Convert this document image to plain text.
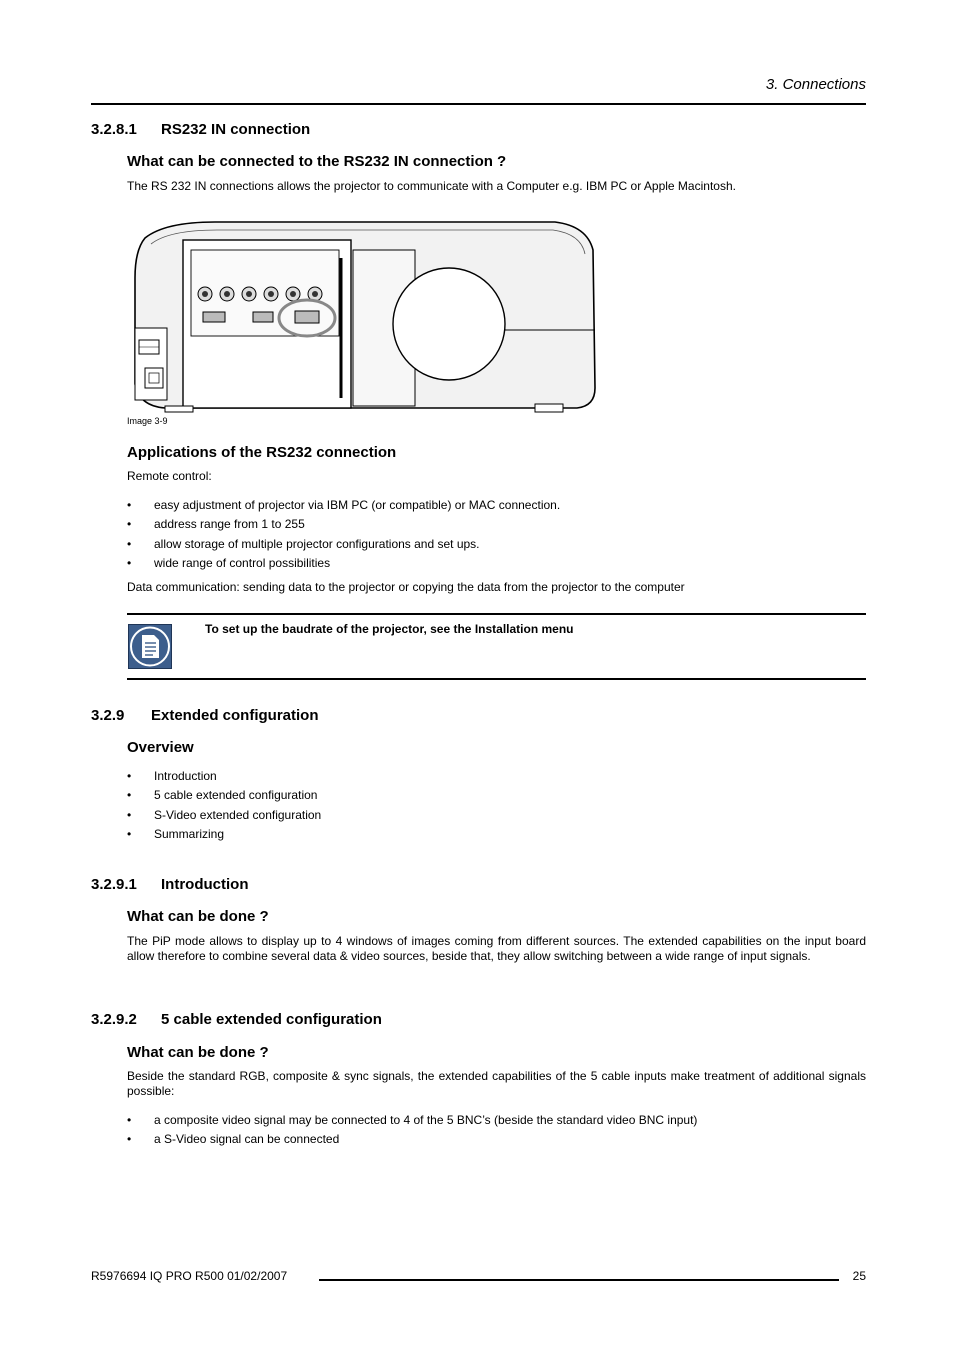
3. Connections
3.2.8.1	RS232 IN connection
What can be connected to the RS232 IN connection ?
The RS 232 IN connections allows the projector to communicate with a Computer e.g. IBM PC or Apple Macintosh.
Image 3-9
Applications of the RS232 connection
Remote control:
•	easy adjustment of projector via IBM PC (or compatible) or MAC connection.
•	address range from 1 to 255
•	allow storage of multiple projector configurations and set ups.
•	wide range of control possibilities
Data communication: sending data to the projector or copying the data from the projector to the computer
To set up the baudrate of the projector, see the Installation menu
3.2.9	Extended configuration
Overview
•	Introduction
•	5 cable extended configuration
•	S-Video extended configuration
•	Summarizing
3.2.9.1	Introduction
What can be done ?
The PiP mode allows to display up to 4 windows of images coming from different sources. The extended capabilities on the input board allow therefore to combine several data & video sources, beside that, they allow switching between a wide range of input signals.
3.2.9.2	5 cable extended configuration
What can be done ?
Beside the standard RGB, composite & sync signals, the extended capabilities of the 5 cable inputs make treatment of additional signals possible:
•	a composite video signal may be connected to 4 of the 5 BNC’s (beside the standard video BNC input)
•	a S-Video signal can be connected
R5976694 IQ PRO R500 01/02/2007	25
